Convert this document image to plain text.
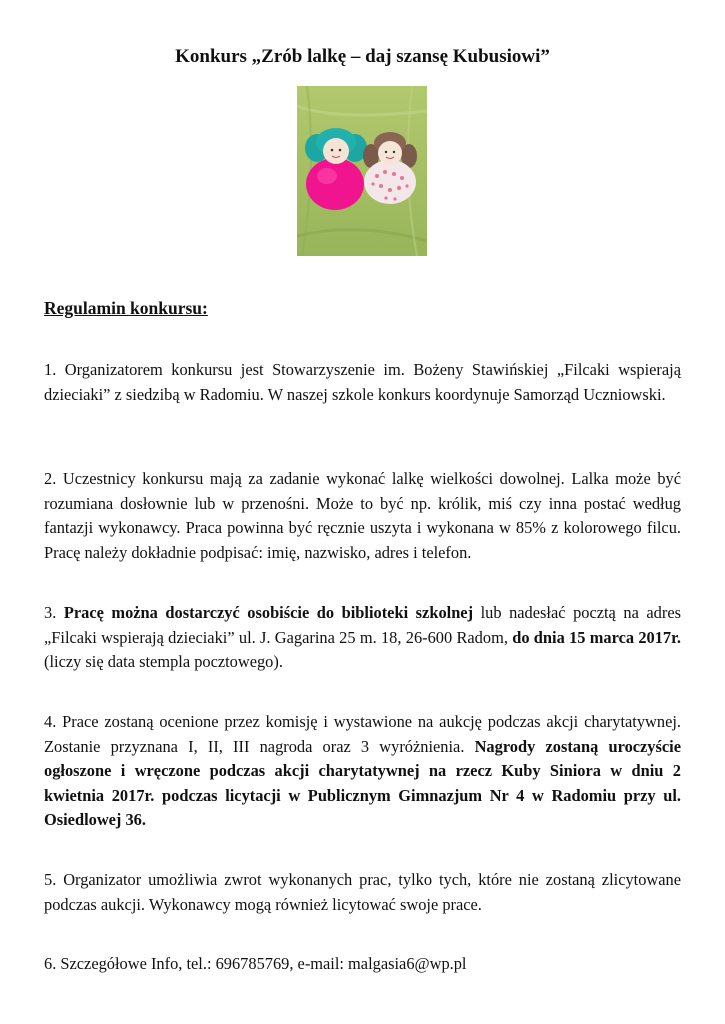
Konkurs „Zrób lalkę – daj szansę Kubusiowi”
Regulamin konkursu:
1. Organizatorem konkursu jest Stowarzyszenie im. Bożeny Stawińskiej „Filcaki wspierają dzieciaki” z siedzibą w Radomiu. W naszej szkole konkurs koordynuje Samorząd Uczniowski.
2. Uczestnicy konkursu mają za zadanie wykonać lalkę wielkości dowolnej. Lalka może być rozumiana dosłownie lub w przenośni. Może to być np. królik, miś czy inna postać według fantazji wykonawcy. Praca powinna być ręcznie uszyta i wykonana w 85% z kolorowego filcu. Pracę należy dokładnie podpisać: imię, nazwisko, adres i telefon.
3. Pracę można dostarczyć osobiście do biblioteki szkolnej lub nadesłać pocztą na adres „Filcaki wspierają dzieciaki” ul. J. Gagarina 25 m. 18, 26-600 Radom, do dnia 15 marca 2017r. (liczy się data stempla pocztowego).
4. Prace zostaną ocenione przez komisję i wystawione na aukcję podczas akcji charytatywnej. Zostanie przyznana I, II, III nagroda oraz 3 wyróżnienia. Nagrody zostaną uroczyście ogłoszone i wręczone podczas akcji charytatywnej na rzecz Kuby Siniora w dniu 2 kwietnia 2017r. podczas licytacji w Publicznym Gimnazjum Nr 4 w Radomiu przy ul. Osiedlowej 36.
5. Organizator umożliwia zwrot wykonanych prac, tylko tych, które nie zostaną zlicytowane podczas aukcji. Wykonawcy mogą również licytować swoje prace.
6. Szczegółowe Info, tel.: 696785769, e-mail: malgasia6@wp.pl
